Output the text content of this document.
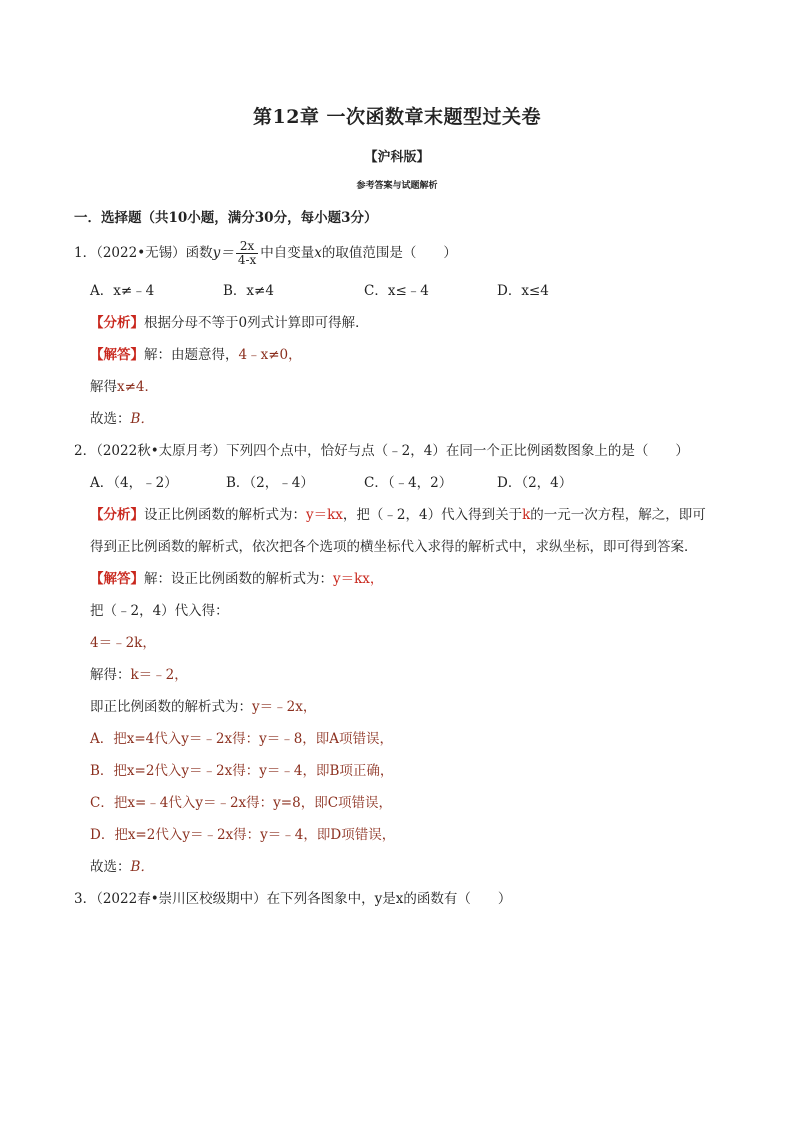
第12章 一次函数章末题型过关卷
【沪科版】
参考答案与试题解析
一．选择题（共10小题，满分30分，每小题3分）
1．（2022•无锡）函数$y= \frac{2x}{4-x}$ 中自变量x的取值范围是（　　）
A．x≠﹣4	B．x≠4	C．x≤﹣4	D．x≤4
【分析】根据分母不等于0列式计算即可得解．
【解答】解：由题意得，4﹣x≠0，
解得x≠4．
故选：B．
2．（2022秋•太原月考）下列四个点中，恰好与点（﹣2，4）在同一个正比例函数图象上的是（　　）
A．（4，﹣2）	B．（2，﹣4）	C．（﹣4，2）	D．（2，4）
【分析】设正比例函数的解析式为：y＝kx，把（﹣2，4）代入得到关于k的一元一次方程，解之，即可
得到正比例函数的解析式，依次把各个选项的横坐标代入求得的解析式中，求纵坐标，即可得到答案．
【解答】解：设正比例函数的解析式为：y＝kx，
把（﹣2，4）代入得：
4＝﹣2k，
解得：k＝﹣2，
即正比例函数的解析式为：y＝﹣2x，
A．把x=4代入y＝﹣2x得：y＝﹣8，即A项错误，
B．把x=2代入y＝﹣2x得：y＝﹣4，即B项正确，
C．把x=﹣4代入y＝﹣2x得：y=8，即C项错误，
D．把x=2代入y＝﹣2x得：y＝﹣4，即D项错误，
故选：B．
3．（2022春•崇川区校级期中）在下列各图象中，y是x的函数有（　　）
